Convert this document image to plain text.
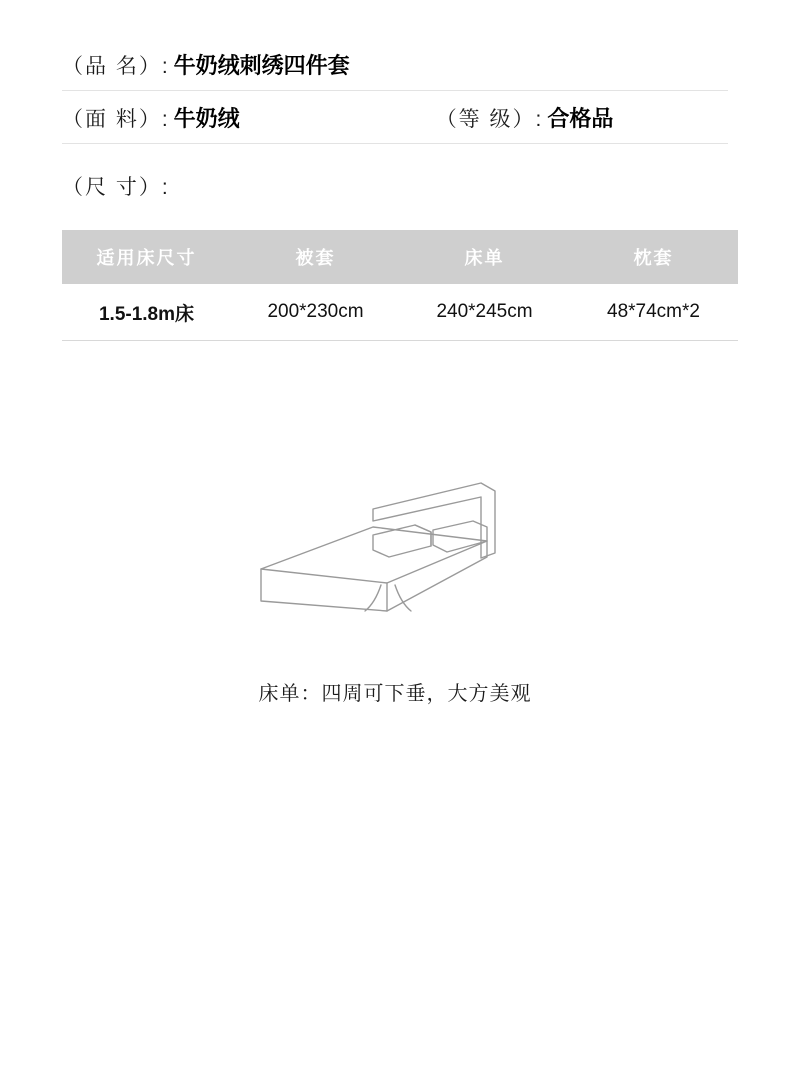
（品 名）: 牛奶绒刺绣四件套
（面 料）: 牛奶绒	（等 级）: 合格品
（尺 寸）:
适用床尺寸	被套	床单	枕套
1.5-1.8m床	200*230cm	240*245cm	48*74cm*2
床单：四周可下垂，大方美观
